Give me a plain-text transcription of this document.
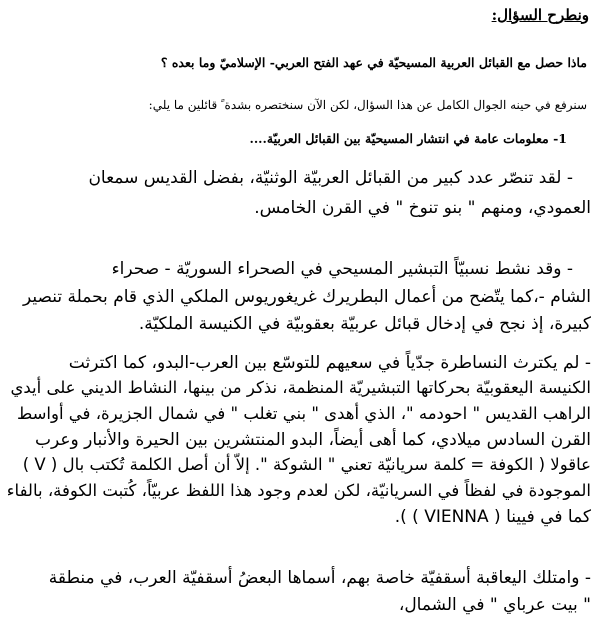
ونطرح السؤال:
ماذا حصل مع القبائل العربية المسيحيّة في عهد الفتح العربي- الإسلاميّ وما بعده ؟
سنرفع في حينه الجوال الكامل عن هذا السؤال، لكن الآن سنختصره بشدة ً قائلين ما يلي:
1- معلومات عامة في انتشار المسيحيّة بين القبائل العربيّة....
- لقد تنصّر عدد كبير من القبائل العربيّة الوثنيّة، بفضل القديس سمعان
العمودي، ومنهم " بنو تنوخ " في القرن الخامس.
- وقد نشط نسبيّاً التبشير المسيحي في الصحراء السوريّة - صحراء
الشام -،كما يتّضح من أعمال البطريرك غريغوريوس الملكي الذي قام بحملة تنصير
كبيرة، إذ نجح في إدخال قبائل عربيّة بعقوبيّة في الكنيسة الملكيّة.
- لم يكترث النساطرة جدّياً في سعيهم للتوسّع بين العرب-البدو، كما اكترثت
الكنيسة اليعقوبيّة بحركاتها التبشيريّة المنظمة، نذكر من بينها، النشاط الديني على أيدي
الراهب القديس " احودمه "، الذي أهدى " بني تغلب " في شمال الجزيرة، في أواسط
القرن السادس ميلادي، كما أهى أيضاً، البدو المنتشرين بين الحيرة والأنبار وعرب
عاقولا ( الكوفة = كلمة سريانيّة تعني " الشوكة ". إلاّ أن أصل الكلمة تُكتب بال ( V )
الموجودة في لفظاً في السريانيّة، لكن لعدم وجود هذا اللفظ عربيّاً، كُتبت الكوفة، بالفاء
كما في فيينا ( VIENNA ) ).
- وامتلك اليعاقبة أسقفيّة خاصة بهم، أسماها البعضُ أسقفيّة العرب، في منطقة
" بيت عرباي " في الشمال،
